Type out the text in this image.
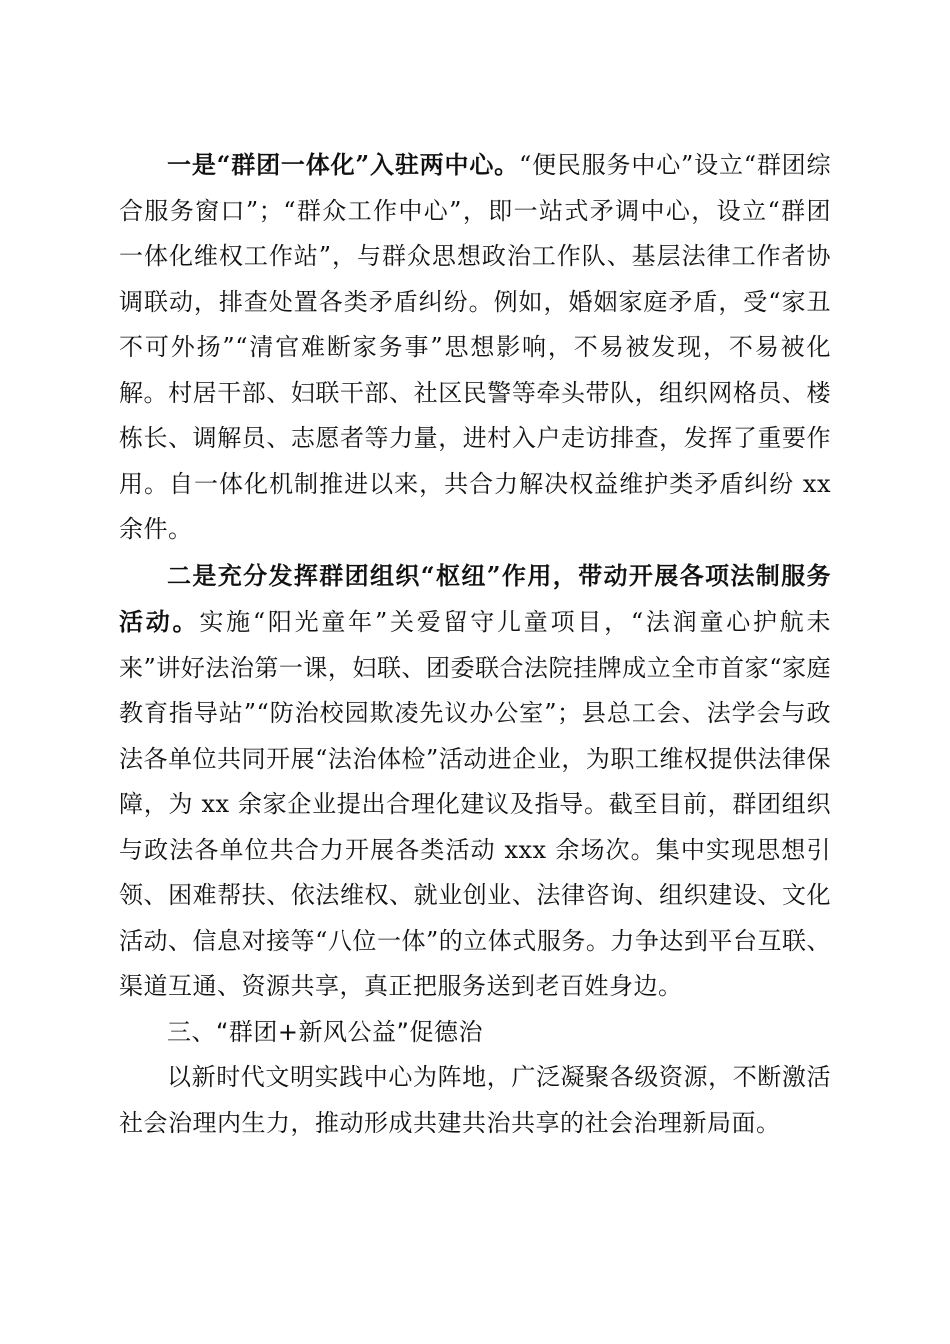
一是“群团一体化”入驻两中心。“便民服务中心”设立“群团综合服务窗口”；“群众工作中心”，即一站式矛调中心，设立“群团一体化维权工作站”，与群众思想政治工作队、基层法律工作者协调联动，排查处置各类矛盾纠纷。例如，婚姻家庭矛盾，受“家丑不可外扬”“清官难断家务事”思想影响，不易被发现，不易被化解。村居干部、妇联干部、社区民警等牵头带队，组织网格员、楼栋长、调解员、志愿者等力量，进村入户走访排查，发挥了重要作用。自一体化机制推进以来，共合力解决权益维护类矛盾纠纷 xx 余件。

二是充分发挥群团组织“枢纽”作用，带动开展各项法制服务活动。实施“阳光童年”关爱留守儿童项目，“法润童心护航未来”讲好法治第一课，妇联、团委联合法院挂牌成立全市首家“家庭教育指导站”“防治校园欺凌先议办公室”；县总工会、法学会与政法各单位共同开展“法治体检”活动进企业，为职工维权提供法律保障，为 xx 余家企业提出合理化建议及指导。截至目前，群团组织与政法各单位共合力开展各类活动 xxx 余场次。集中实现思想引领、困难帮扶、依法维权、就业创业、法律咨询、组织建设、文化活动、信息对接等“八位一体”的立体式服务。力争达到平台互联、渠道互通、资源共享，真正把服务送到老百姓身边。

三、“群团+新风公益”促德治

以新时代文明实践中心为阵地，广泛凝聚各级资源，不断激活社会治理内生力，推动形成共建共治共享的社会治理新局面。
